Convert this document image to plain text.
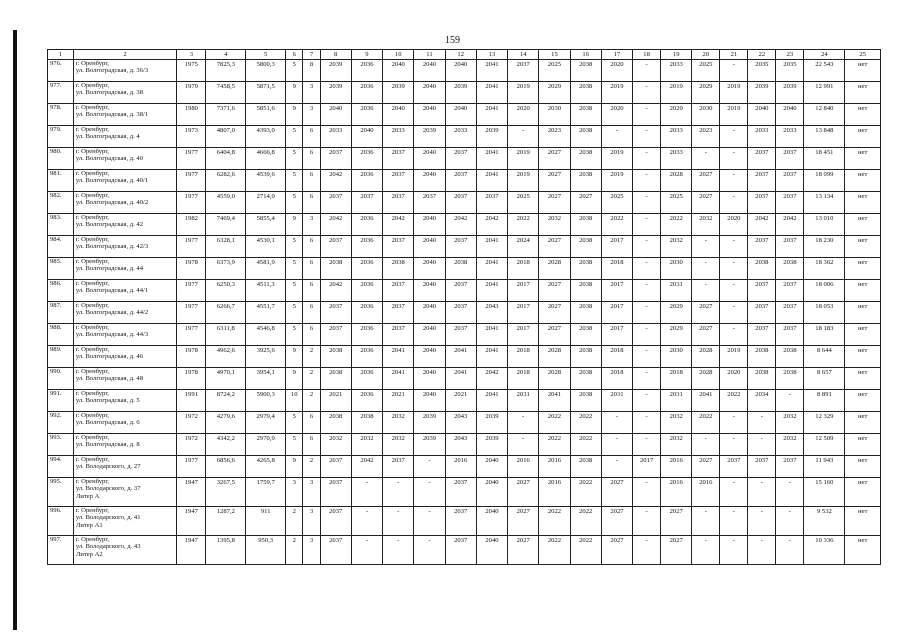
159
1	2	3	4	5	6	7	8	9	10	11	12	13	14	15	16	17	18	19	20	21	22	23	24	25
976.	г. Оренбург,
ул. Волгоградская, д. 36/3	1975	7825,3	5800,3	5	8	2039	2036	2040	2040	2040	2041	2037	2025	2038	2020	-	2033	2025	-	2035	2035	22 543	нет
977.	г. Оренбург,
ул. Волгоградская, д. 38	1979	7458,5	5871,5	9	3	2039	2036	2039	2040	2039	2041	2019	2029	2038	2019	-	2019	2029	2019	2039	2039	12 991	нет
978.	г. Оренбург,
ул. Волгоградская, д. 38/1	1980	7371,6	5851,6	9	3	2040	2036	2040	2040	2040	2041	2020	2030	2038	2020	-	2020	2030	2019	2040	2040	12 840	нет
979.	г. Оренбург,
ул. Волгоградская, д. 4	1973	4807,0	4393,0	5	6	2033	2040	2033	2039	2033	2039	-	2023	2038	-	-	2033	2023	-	2033	2033	13 848	нет
980.	г. Оренбург,
ул. Волгоградская, д. 40	1977	6404,8	4666,8	5	6	2037	2036	2037	2040	2037	2041	2019	2027	2038	2019	-	2033	-	-	2037	2037	18 451	нет
981.	г. Оренбург,
ул. Волгоградская, д. 40/1	1977	6282,6	4539,6	5	6	2042	2036	2037	2040	2037	2041	2019	2027	2038	2019	-	2028	2027	-	2037	2037	18 099	нет
982.	г. Оренбург,
ул. Волгоградская, д. 40/2	1977	4559,0	2714,0	5	6	2037	2037	2037	2037	2037	2037	2025	2027	2027	2025	-	2025	2027	-	2037	2037	13 134	нет
983.	г. Оренбург,
ул. Волгоградская, д. 42	1982	7469,4	5855,4	9	3	2042	2036	2042	2040	2042	2042	2022	2032	2038	2022	-	2022	2032	2020	2042	2042	13 010	нет
984.	г. Оренбург,
ул. Волгоградская, д. 42/3	1977	6328,1	4530,1	5	6	2037	2036	2037	2040	2037	2041	2024	2027	2038	2017	-	2032	-	-	2037	2037	18 230	нет
985.	г. Оренбург,
ул. Волгоградская, д. 44	1978	6373,9	4581,9	5	6	2038	2036	2038	2040	2038	2041	2018	2028	2038	2018	-	2030	-	-	2038	2038	18 362	нет
986.	г. Оренбург,
ул. Волгоградская, д. 44/1	1977	6250,3	4511,3	5	6	2042	2036	2037	2040	2037	2041	2017	2027	2038	2017	-	2031	-	-	2037	2037	18 006	нет
987.	г. Оренбург,
ул. Волгоградская, д. 44/2	1977	6266,7	4551,7	5	6	2037	2036	2037	2040	2037	2043	2017	2027	2038	2017	-	2029	2027	-	2037	2037	18 053	нет
988.	г. Оренбург,
ул. Волгоградская, д. 44/3	1977	6311,8	4546,8	5	6	2037	2036	2037	2040	2037	2041	2017	2027	2038	2017	-	2029	2027	-	2037	2037	18 183	нет
989.	г. Оренбург,
ул. Волгоградская, д. 46	1978	4962,6	3925,6	9	2	2038	2036	2041	2040	2041	2041	2018	2028	2038	2018	-	2030	2028	2019	2038	2038	8 644	нет
990.	г. Оренбург,
ул. Волгоградская, д. 48	1978	4970,1	3954,1	9	2	2038	2036	2041	2040	2041	2042	2018	2028	2038	2018	-	2018	2028	2020	2038	2038	8 657	нет
991.	г. Оренбург,
ул. Волгоградская, д. 5	1991	8724,2	5900,3	10	2	2021	2036	2021	2040	2021	2041	2031	2041	2038	2031	-	2031	2041	2022	2034	-	8 891	нет
992.	г. Оренбург,
ул. Волгоградская, д. 6	1972	4279,6	2979,4	5	6	2038	2038	2032	2039	2043	2039	-	2022	2022	-	-	2032	2022	-	-	2032	12 329	нет
993.	г. Оренбург,
ул. Волгоградская, д. 8	1972	4342,2	2970,9	5	6	2032	2032	2032	2039	2043	2039	-	2022	2022	-	-	2032	-	-	-	2032	12 509	нет
994.	г. Оренбург,
ул. Володарского, д. 27	1977	6856,6	4265,8	9	2	2037	2042	2037	-	2016	2040	2016	2016	2038	-	2017	2016	2027	2037	2037	2037	11 943	нет
995.	г. Оренбург,
ул. Володарского, д. 37
Литер А	1947	3267,5	1759,7	3	3	2037	-	-	-	2037	2040	2027	2016	2022	2027	-	2016	2016	-	-	-	15 160	нет
996.	г. Оренбург,
ул. Володарского, д. 41
Литер А1	1947	1287,2	911	2	3	2037	-	-	-	2037	2040	2027	2022	2022	2027	-	2027	-	-	-	-	9 532	нет
997.	г. Оренбург,
ул. Володарского, д. 43
Литер А2	1947	1395,8	950,3	2	3	2037	-	-	-	2037	2040	2027	2022	2022	2027	-	2027	-	-	-	-	10 336	нет
